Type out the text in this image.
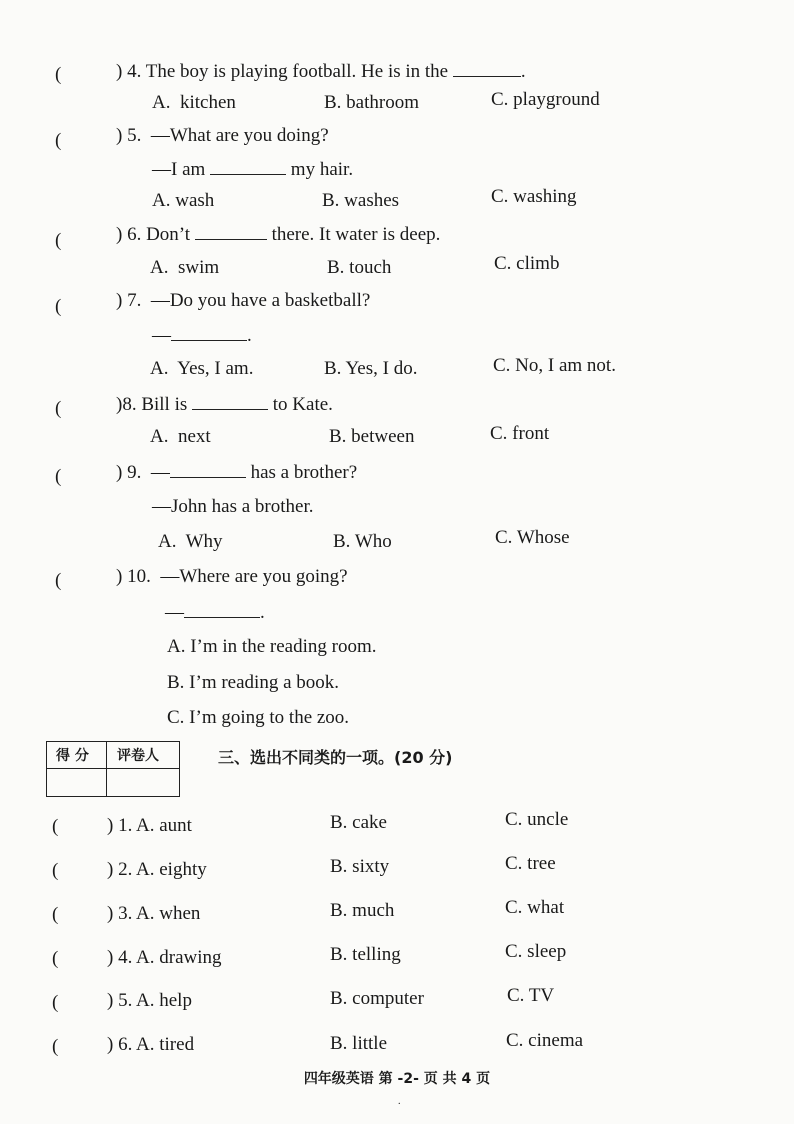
(	) 4. The boy is playing football. He is in the	.
A.  kitchen	B. bathroom	C. playground
(	) 5.  —What are you doing?
—I am	my hair.
A. wash	B. washes	C. washing
(	) 6. Don’t	there. It water is deep.
A.  swim	B. touch	C. climb
(	) 7.  —Do you have a basketball?
—	.
A.  Yes, I am.	B. Yes, I do.	C. No, I am not.
(	)8. Bill is	to Kate.
A.  next	B. between	C. front
(	) 9.  —	has a brother?
—John has a brother.
A.  Why	B. Who	C. Whose
(	) 10.  —Where are you going?
—	.
A. I’m in the reading room.
B. I’m reading a book.
C. I’m going to the zoo.
得 分 评卷人	三、选出不同类的一项。(20 分)
(	) 1. A. aunt	B. cake	C. uncle
(	) 2. A. eighty	B. sixty	C. tree
(	) 3. A. when	B. much	C. what
(	) 4. A. drawing	B. telling	C. sleep
(	) 5. A. help	B. computer	C. TV
(	) 6. A. tired	B. little	C. cinema
四年级英语 第 -2- 页 共 4 页
.
